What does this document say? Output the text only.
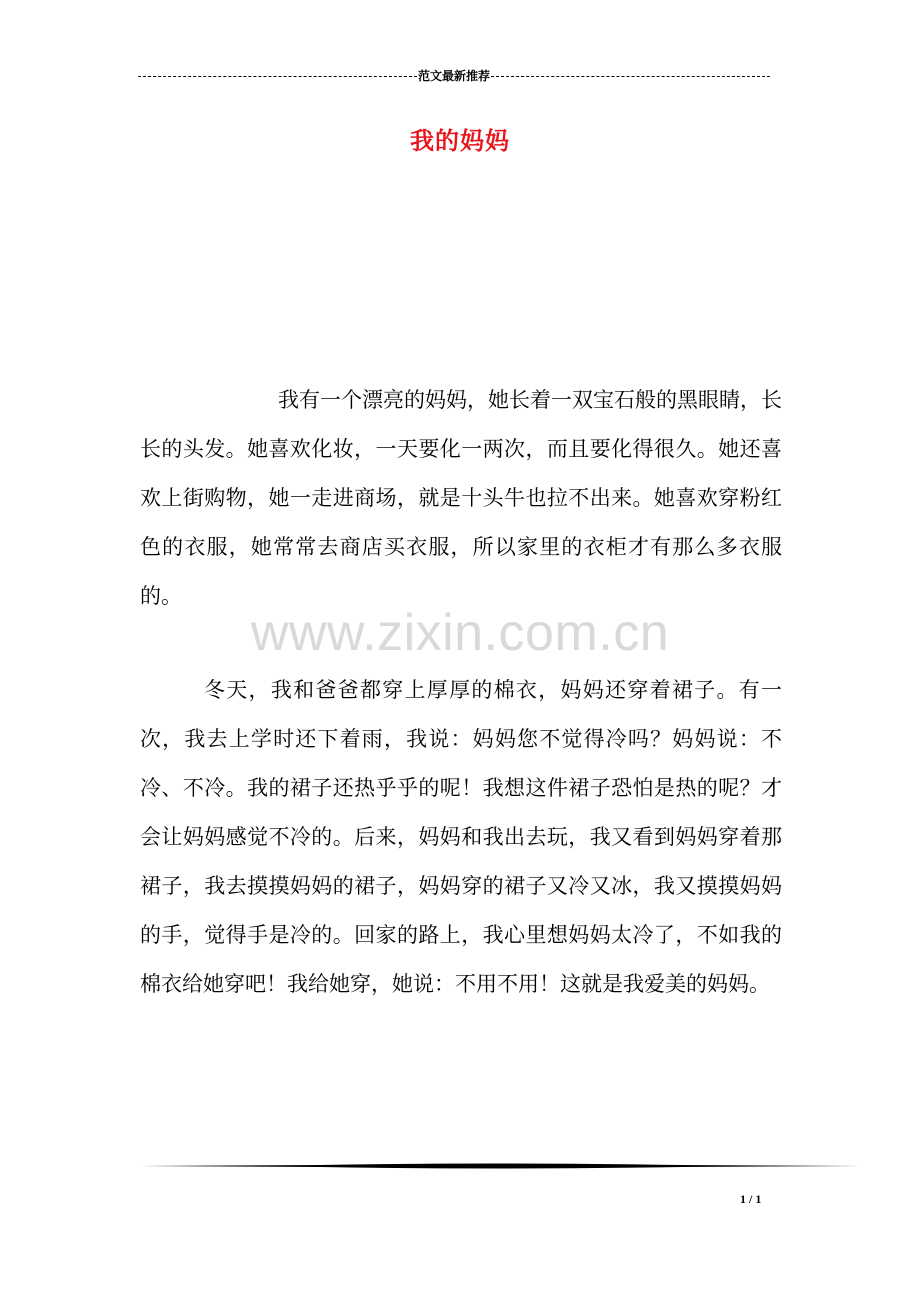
范文最新推荐
我的妈妈
www.zixin.com.cn
我有一个漂亮的妈妈，她长着一双宝石般的黑眼睛，长长的头发。她喜欢化妆，一天要化一两次，而且要化得很久。她还喜欢上街购物，她一走进商场，就是十头牛也拉不出来。她喜欢穿粉红色的衣服，她常常去商店买衣服，所以家里的衣柜才有那么多衣服的。
冬天，我和爸爸都穿上厚厚的棉衣，妈妈还穿着裙子。有一次，我去上学时还下着雨，我说：妈妈您不觉得冷吗？妈妈说：不冷、不冷。我的裙子还热乎乎的呢！我想这件裙子恐怕是热的呢？才会让妈妈感觉不冷的。后来，妈妈和我出去玩，我又看到妈妈穿着那裙子，我去摸摸妈妈的裙子，妈妈穿的裙子又冷又冰，我又摸摸妈妈的手，觉得手是冷的。回家的路上，我心里想妈妈太冷了，不如我的棉衣给她穿吧！我给她穿，她说：不用不用！这就是我爱美的妈妈。
1 / 1
